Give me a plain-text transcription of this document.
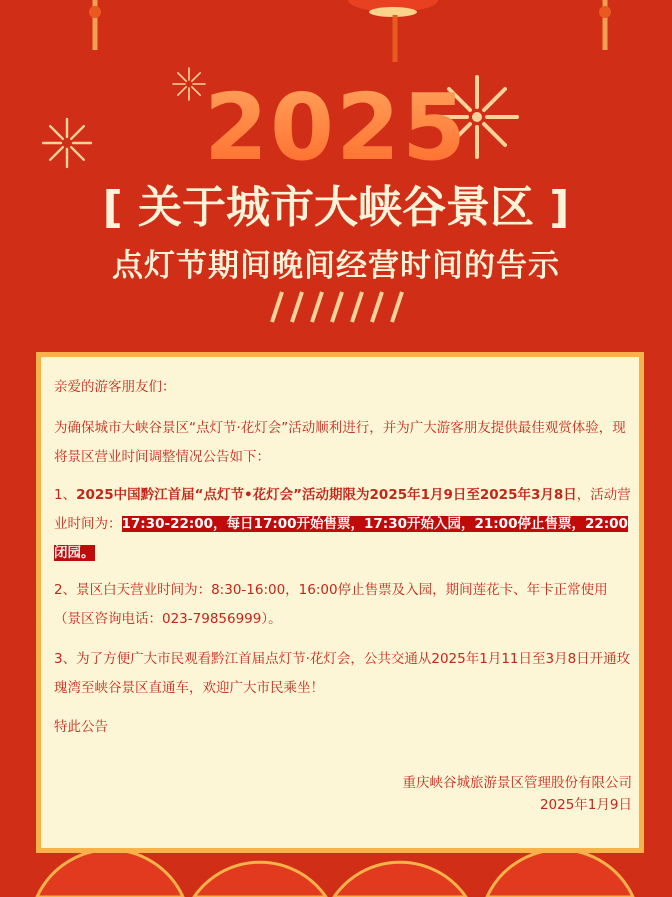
2025
[ 关于城市大峡谷景区 ]
点灯节期间晚间经营时间的告示
亲爱的游客朋友们：
为确保城市大峡谷景区“点灯节·花灯会”活动顺利进行，并为广大游客朋友提供最佳观赏体验，现将景区营业时间调整情况公告如下：
1、2025中国黔江首届“点灯节•花灯会”活动期限为2025年1月9日至2025年3月8日，活动营业时间为：17:30-22:00，每日17:00开始售票，17:30开始入园，21:00停止售票，22:00闭园。
2、景区白天营业时间为：8:30-16:00，16:00停止售票及入园，期间莲花卡、年卡正常使用（景区咨询电话：023-79856999）。
3、为了方便广大市民观看黔江首届点灯节·花灯会，公共交通从2025年1月11日至3月8日开通玫瑰湾至峡谷景区直通车，欢迎广大市民乘坐！
特此公告
重庆峡谷城旅游景区管理股份有限公司
2025年1月9日
